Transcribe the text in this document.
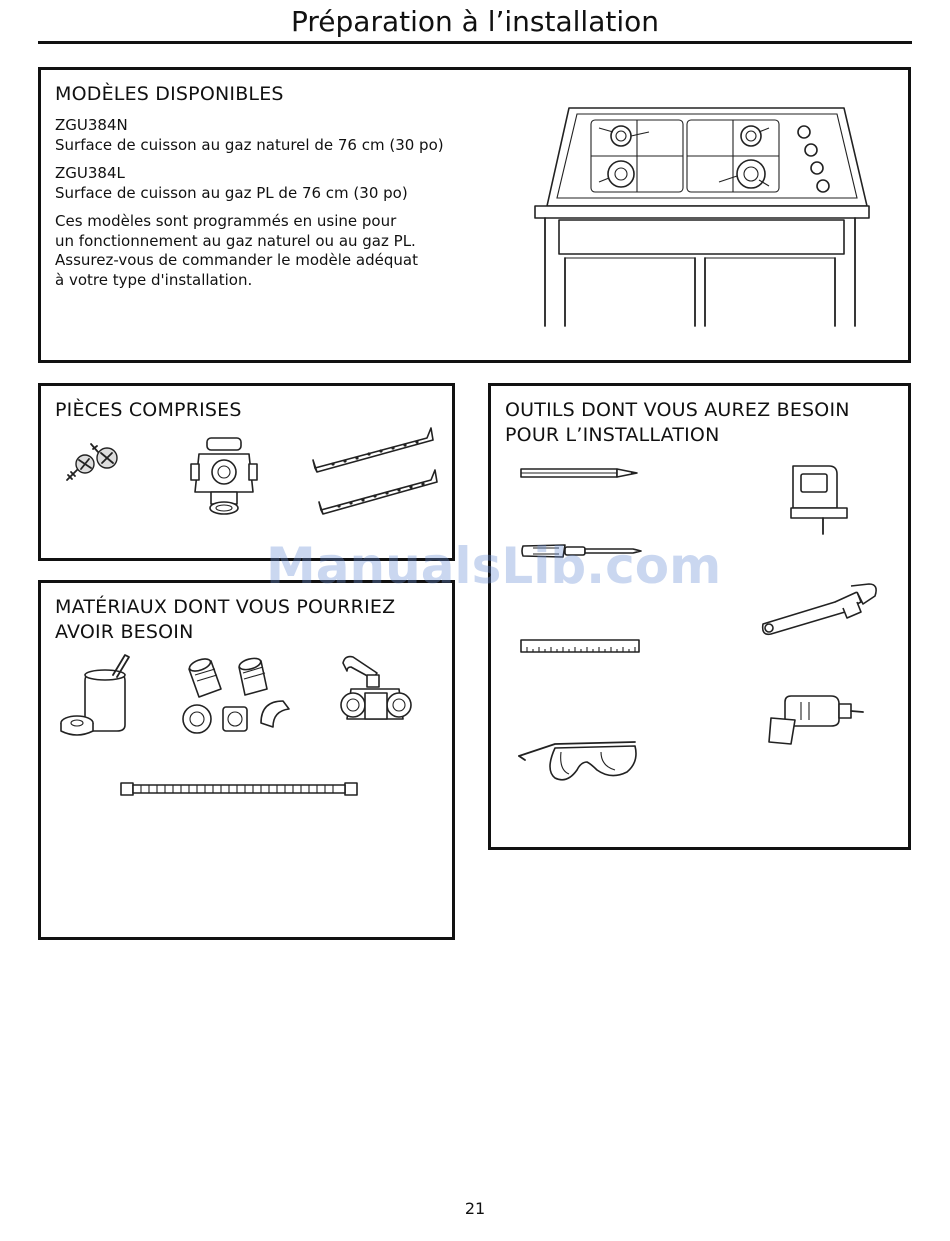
Préparation à l’installation
MODÈLES DISPONIBLES

ZGU384N
Surface de cuisson au gaz naturel de 76 cm (30 po)

ZGU384L
Surface de cuisson au gaz PL de 76 cm (30 po)

Ces modèles sont programmés en usine pour
un fonctionnement au gaz naturel ou au gaz PL.
Assurez-vous de commander le modèle adéquat
à votre type d'installation.

PIÈCES COMPRISES
MATÉRIAUX DONT VOUS POURRIEZ
AVOIR BESOIN
OUTILS DONT VOUS AUREZ BESOIN
POUR L’INSTALLATION
ManualsLib.com
21
